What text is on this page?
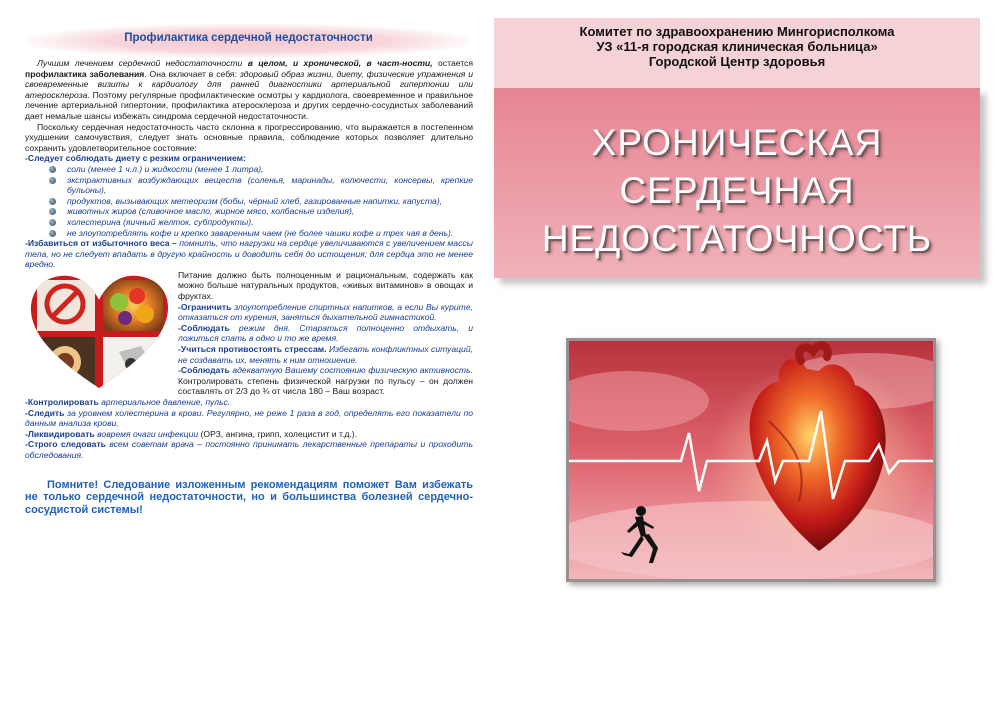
Профилактика сердечной недостаточности

Лучшим лечением сердечной недостаточности в целом, и хронической, в част-ности, остается профилактика заболевания. Она включает в себя: здоровый образ жизни, диету, физические упражнения и своевременные визиты к кардиологу для ранней диагностики артериальной гипертонии или атеросклероза. Поэтому регулярные профилактические осмотры у кардиолога, своевременное и правильное лечение артериальной гипертонии, профилактика атеросклероза и других сердечно-сосудистых заболеваний дает немалые шансы избежать синдрома сердечной недостаточности.

Поскольку сердечная недостаточность часто склонна к прогрессированию, что выражается в постепенном ухудшении самочувствия, следует знать основные правила, соблюдение которых позволяет длительно сохранить удовлетворительное состояние:

-Следует соблюдать диету с резким ограничением:
соли (менее 1 ч.л.) и жидкости (менее 1 литра),
экстрактивных возбуждающих веществ (соленья, маринады, колючести, консервы, крепкие бульоны),
продуктов, вызывающих метеоризм (бобы, чёрный хлеб, газированные напитки, капуста),
животных жиров (сливочное масло, жирное мясо, колбасные изделия),
холестерина (яичный желток, субпродукты),
не злоупотреблять кофе и крепко заваренным чаем (не более чашки кофе и трех чая в день).
-Избавиться от избыточного веса – помнить, что нагрузки на сердце увеличиваются с увеличением массы тела, но не следует впадать в другую крайность и доводить себя до истощения; для сердца это не менее вредно.
Питание должно быть полноценным и рациональным, содержать как можно больше натуральных продуктов, «живых витаминов» в овощах и фруктах.
-Ограничить злоупотребление спиртных напитков, а если Вы курите, отказаться от курения, заняться дыхательной гимнастикой.
-Соблюдать режим дня. Стараться полноценно отдыхать, и ложиться спать в одно и то же время.
-Учиться противостоять стрессам. Избегать конфликтных ситуаций, не создавать их, менять к ним отношение.
-Соблюдать адекватную Вашему состоянию физическую активность. Контролировать степень физической нагрузки по пульсу – он должен составлять от 2/3 до ¾ от числа 180 – Ваш возраст.
-Контролировать артериальное давление, пульс.
-Следить за уровнем холестерина в крови. Регулярно, не реже 1 раза в год, определять его показатели по данным анализа крови.
-Ликвидировать вовремя очаги инфекции (ОРЗ, ангина, грипп, холецистит и т.д.).
-Строго следовать всем советам врача – постоянно принимать лекарственные препараты и проходить обследования.
Помните! Следование изложенным рекомендациям поможет Вам избежать не только сердечной недостаточности, но и большинства болезней сердечно-сосудистой системы!
Комитет по здравоохранению Мингорисполкома
УЗ «11-я городская клиническая больница»
Городской Центр здоровья
ХРОНИЧЕСКАЯ
СЕРДЕЧНАЯ
НЕДОСТАТОЧНОСТЬ
